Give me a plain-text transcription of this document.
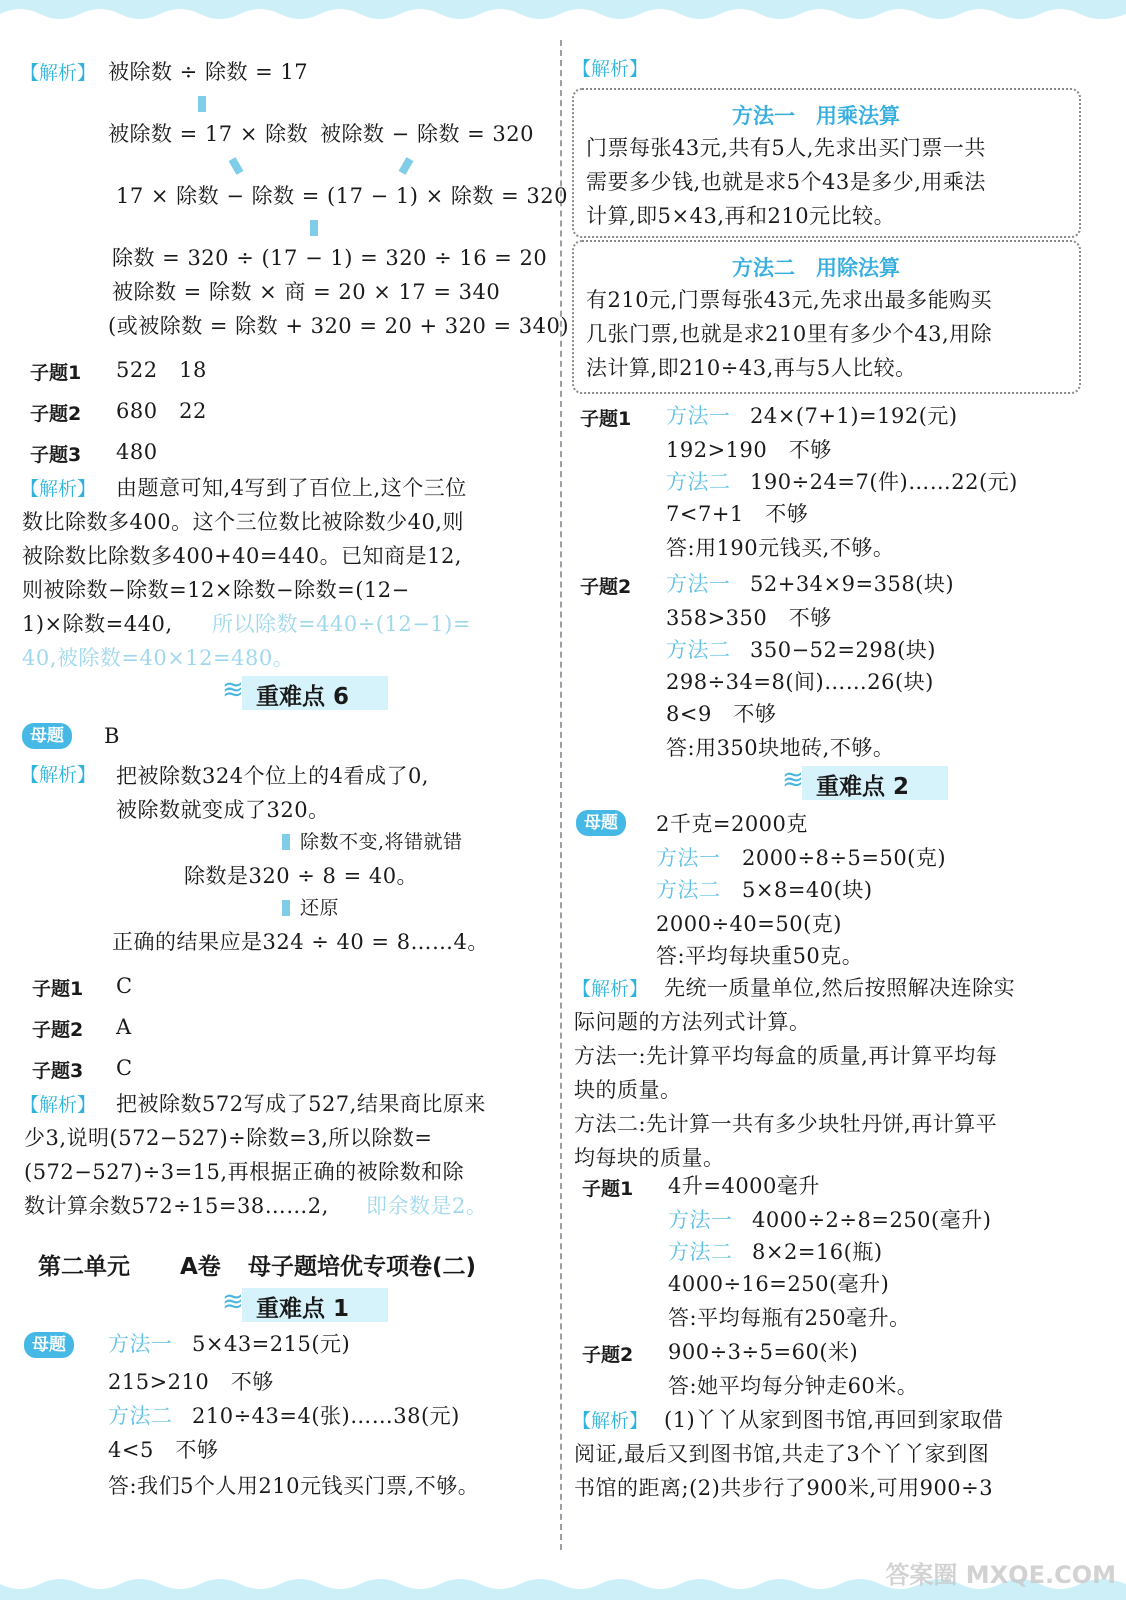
【解析】 被除数 ÷ 除数 = 17
被除数 = 17 × 除数 被除数 − 除数 = 320
17 × 除数 − 除数 = (17 − 1) × 除数 = 320
除数 = 320 ÷ (17 − 1) = 320 ÷ 16 = 20
被除数 = 除数 × 商 = 20 × 17 = 340
(或被除数 = 除数 + 320 = 20 + 320 = 340)
子题1 522　18
子题2 680　22
子题3 480
【解析】 由题意可知,4写到了百位上,这个三位
数比除数多400。这个三位数比被除数少40,则
被除数比除数多400+40=440。已知商是12,
则被除数−除数=12×除数−除数=(12−
1)×除数=440, 所以除数=440÷(12−1)=
40,被除数=40×12=480。
≋ 重难点 6
母题	B
【解析】 把被除数324个位上的4看成了0,
被除数就变成了320。
除数不变,将错就错
除数是320 ÷ 8 = 40。
还原
正确的结果应是324 ÷ 40 = 8……4。
子题1 C
子题2 A
子题3 C
【解析】 把被除数572写成了527,结果商比原来
少3,说明(572−527)÷除数=3,所以除数=
(572−527)÷3=15,再根据正确的被除数和除
数计算余数572÷15=38……2, 即余数是2。
第二单元 A卷 母子题培优专项卷(二)
≋ 重难点 1
母题	方法一 5×43=215(元)
215>210　不够
方法二 210÷43=4(张)……38(元)
4<5　不够
答:我们5个人用210元钱买门票,不够。
【解析】
方法一　用乘法算
门票每张43元,共有5人,先求出买门票一共
需要多少钱,也就是求5个43是多少,用乘法
计算,即5×43,再和210元比较。
方法二　用除法算
有210元,门票每张43元,先求出最多能购买
几张门票,也就是求210里有多少个43,用除
法计算,即210÷43,再与5人比较。
子题1 方法一 24×(7+1)=192(元)
192>190　不够
方法二 190÷24=7(件)……22(元)
7<7+1　不够
答:用190元钱买,不够。
子题2 方法一 52+34×9=358(块)
358>350　不够
方法二 350−52=298(块)
298÷34=8(间)……26(块)
8<9　不够
答:用350块地砖,不够。
≋ 重难点 2
母题	2千克=2000克
方法一 2000÷8÷5=50(克)
方法二 5×8=40(块)
2000÷40=50(克)
答:平均每块重50克。
【解析】 先统一质量单位,然后按照解决连除实
际问题的方法列式计算。
方法一:先计算平均每盒的质量,再计算平均每
块的质量。
方法二:先计算一共有多少块牡丹饼,再计算平
均每块的质量。
子题1 4升=4000毫升
方法一 4000÷2÷8=250(毫升)
方法二 8×2=16(瓶)
4000÷16=250(毫升)
答:平均每瓶有250毫升。
子题2 900÷3÷5=60(米)
答:她平均每分钟走60米。
【解析】 (1)丫丫从家到图书馆,再回到家取借
阅证,最后又到图书馆,共走了3个丫丫家到图
书馆的距离;(2)共步行了900米,可用900÷3
答案圈 MXQE.COM
